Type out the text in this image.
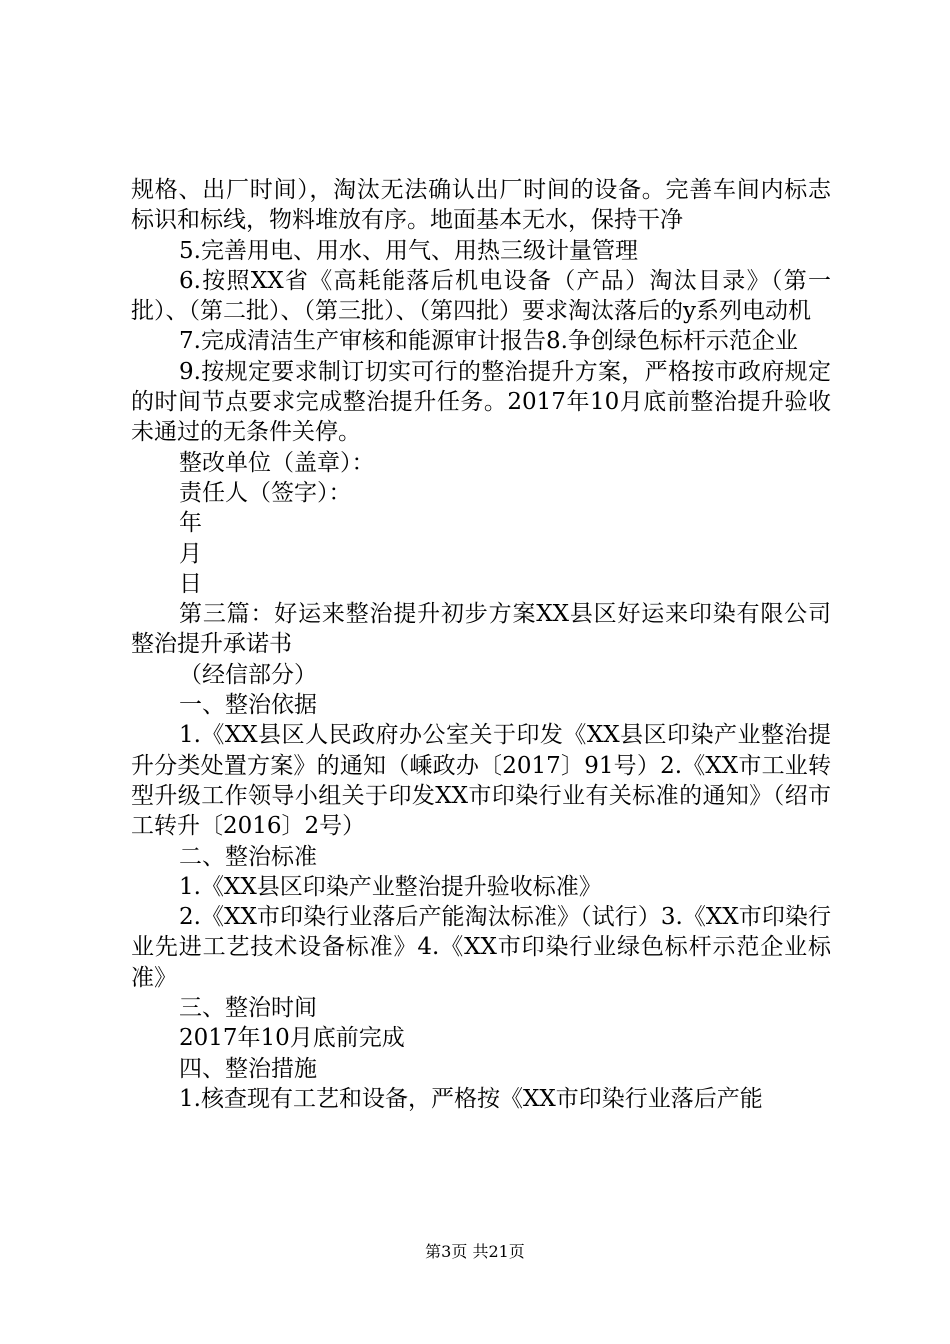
规格、出厂时间），淘汰无法确认出厂时间的设备。完善车间内标志标识和标线，物料堆放有序。地面基本无水，保持干净

5.完善用电、用水、用气、用热三级计量管理

6.按照XX省《高耗能落后机电设备（产品）淘汰目录》（第一批）、（第二批）、（第三批）、（第四批）要求淘汰落后的y系列电动机

7.完成清洁生产审核和能源审计报告8.争创绿色标杆示范企业

9.按规定要求制订切实可行的整治提升方案，严格按市政府规定的时间节点要求完成整治提升任务。2017年10月底前整治提升验收未通过的无条件关停。

整改单位（盖章）：

责任人（签字）：

年

月

日

第三篇：好运来整治提升初步方案XX县区好运来印染有限公司整治提升承诺书

（经信部分）

一、整治依据

1.《XX县区人民政府办公室关于印发《XX县区印染产业整治提升分类处置方案》的通知（嵊政办〔2017〕91号）2.《XX市工业转型升级工作领导小组关于印发XX市印染行业有关标准的通知》（绍市工转升〔2016〕2号）

二、整治标准

1.《XX县区印染产业整治提升验收标准》

2.《XX市印染行业落后产能淘汰标准》（试行）3.《XX市印染行业先进工艺技术设备标准》4.《XX市印染行业绿色标杆示范企业标准》

三、整治时间

2017年10月底前完成

四、整治措施

1.核查现有工艺和设备，严格按《XX市印染行业落后产能

第3页 共21页
